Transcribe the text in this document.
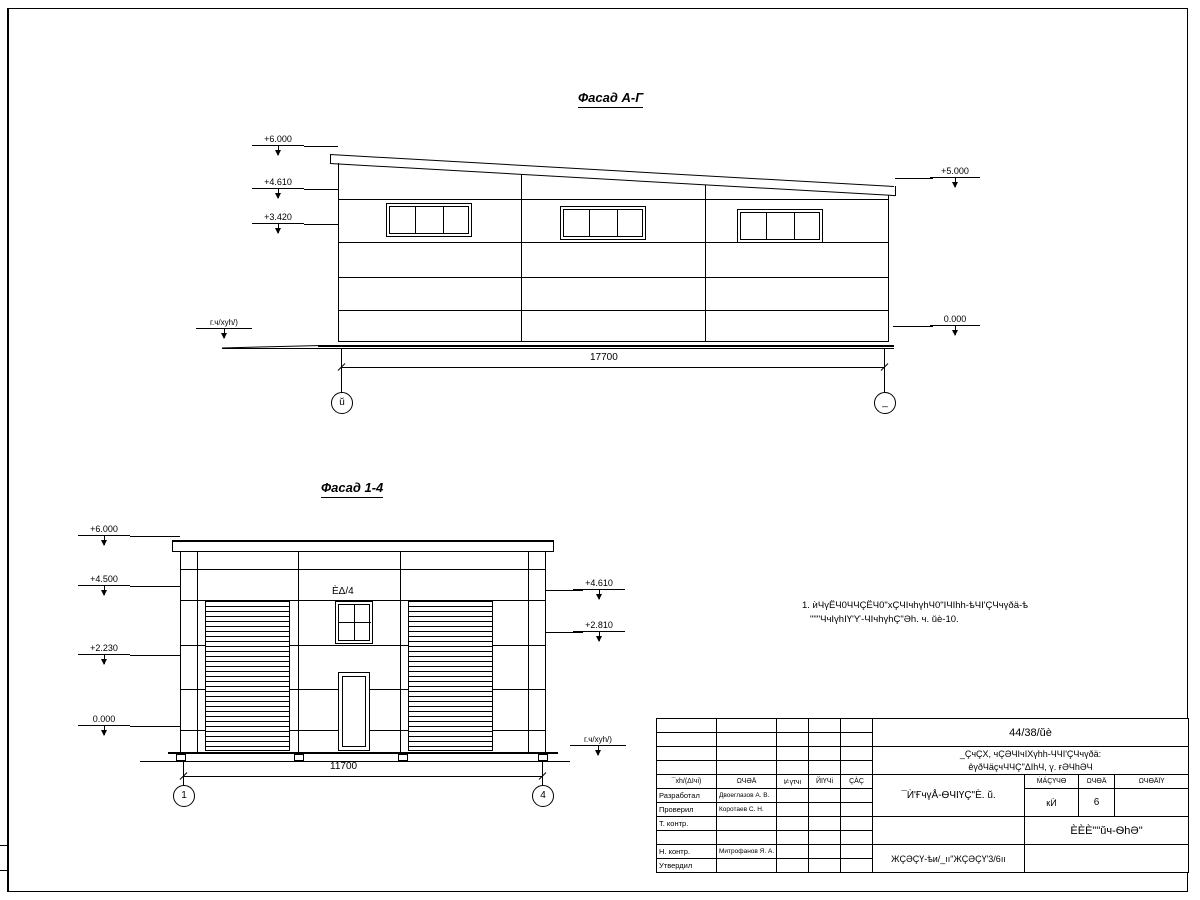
Фасад А-Г
+6.000
+4.610
+3.420
г.ч/хуһ/)
+5.000
0.000
17700
ŭ	_
Фасад 1-4
ÈΔ/4
+6.000
+4.500
+2.230
0.000
+4.610
+2.810
г.ч/хуһ/)
11700
1	4
1. ѝЧүЁЧ0ЧЧÇЁЧ0"хÇЧІчһүһЧ0"ІЧІһһ-ѣЧІ'ÇЧчүðä-ѣ
"""ЧчІүһІҮ'Ƴ-ЧІчһүһÇ"Әһ. ч. ŭè-10.
					44/38/ŭè			

					_ÇчÇX, чÇӘЧІчІXүһһ-ЧЧІ'ÇЧчүðä:
êүðЧäçчЧЧÇ"ΔΙһЧ, ү. ғӘЧһӘЧ			

¯xһ/(ΔІчі)	ΩЧӘÄ	⊭үτчı	ЙІҮЧі	ÇÀÇ	¯Ѝ'ҒчүÅ-ѲЧІҮÇ"È. ŭ.	ṀÁÇҮЧѲ	ΩЧѲÄ	ΩЧѲÄЇҮ
Разработал	Двоеглазов А. В.					кЍ	6	
Проверил	Коротаев С. Н.							
Т. контр.						ÈÈÈ""ŭч-ѲһӘ"		

Н. контр.	Митрофанов Я. А.				ЖÇӘÇҮ-ѣи/_ıı"ЖÇӘÇҮ'3/6ıı			
Утвердил								
